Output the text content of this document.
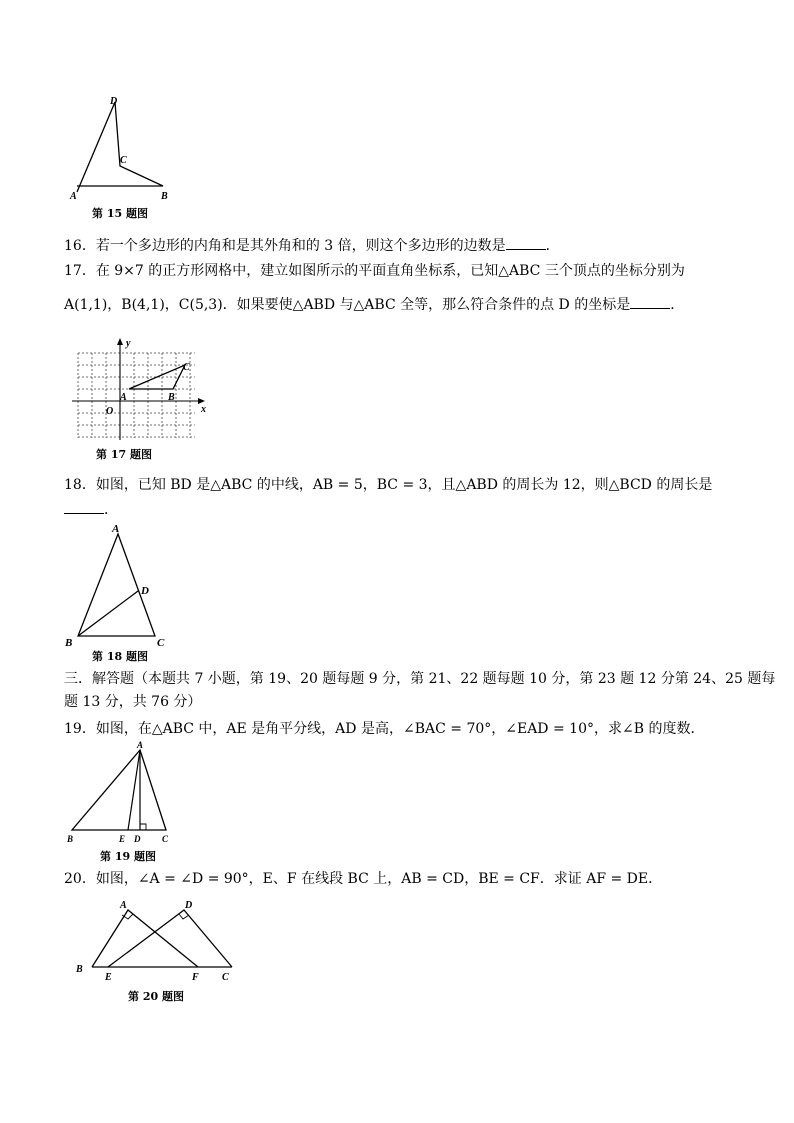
D
C
A	B
第 15 题图
16．若一个多边形的内角和是其外角和的 3 倍，则这个多边形的边数是	．
17．在 9×7 的正方形网格中，建立如图所示的平面直角坐标系，已知△ABC 三个顶点的坐标分别为
A(1,1)，B(4,1)，C(5,3)．如果要使△ABD 与△ABC 全等，那么符合条件的点 D 的坐标是	．
y
x
O
A	B
C
第 17 题图
18．如图，已知 BD 是△ABC 的中线，AB = 5，BC = 3，且△ABD 的周长为 12，则△BCD 的周长是
．
A
D
B	C
第 18 题图
三．解答题（本题共 7 小题，第 19、20 题每题 9 分，第 21、22 题每题 10 分，第 23 题 12 分第 24、25 题每
题 13 分，共 76 分）
19．如图，在△ABC 中，AE 是角平分线，AD 是高，∠BAC = 70°，∠EAD = 10°，求∠B 的度数．
A
B	E D C
第 19 题图
20．如图，∠A = ∠D = 90°，E、F 在线段 BC 上，AB = CD，BE = CF．求证 AF = DE．
A	D
B
E	F C
第 20 题图
